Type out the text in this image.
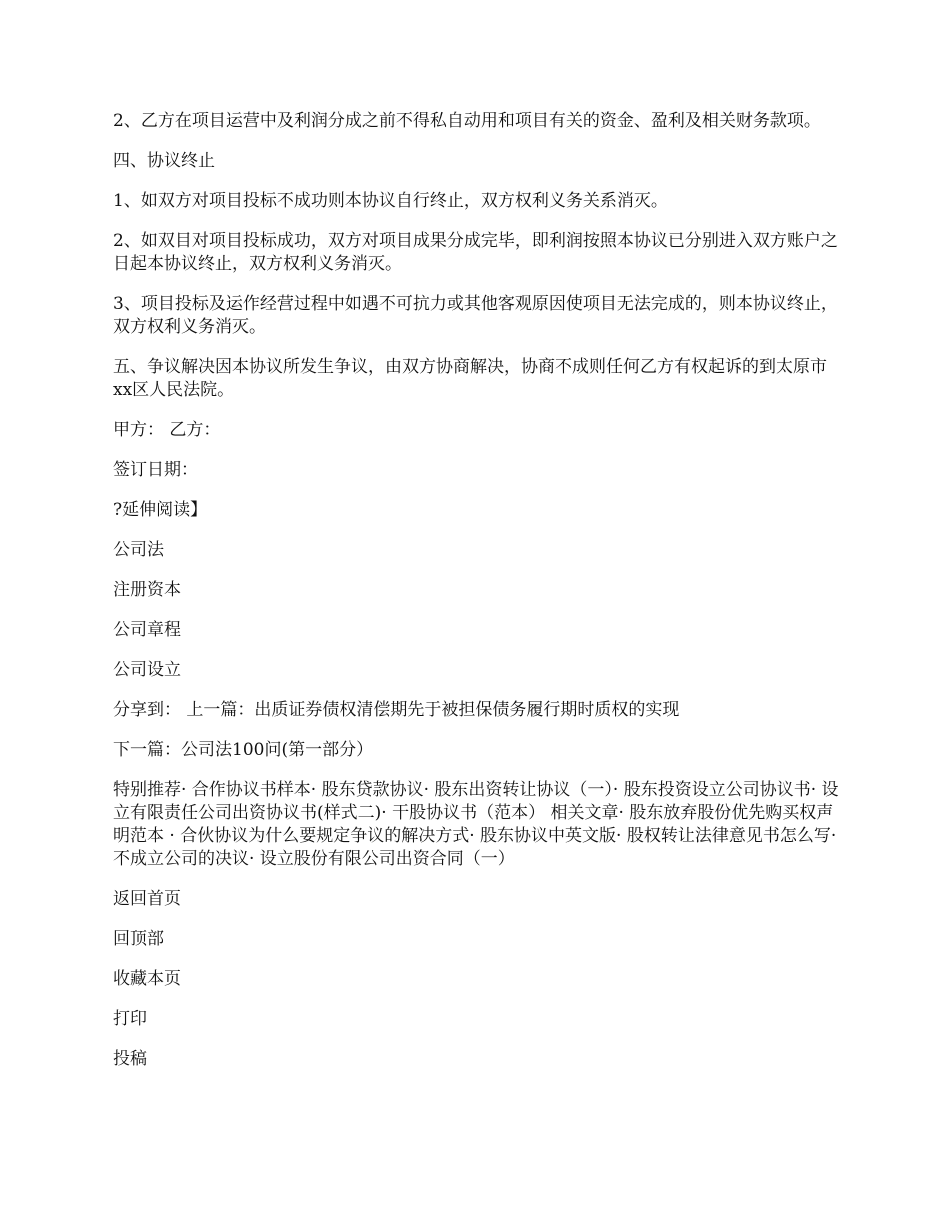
2、乙方在项目运营中及利润分成之前不得私自动用和项目有关的资金、盈利及相关财务款项。

四、协议终止

1、如双方对项目投标不成功则本协议自行终止，双方权利义务关系消灭。

2、如双目对项目投标成功，双方对项目成果分成完毕，即利润按照本协议已分别进入双方账户之日起本协议终止，双方权利义务消灭。

3、项目投标及运作经营过程中如遇不可抗力或其他客观原因使项目无法完成的，则本协议终止，双方权利义务消灭。

五、争议解决因本协议所发生争议，由双方协商解决，协商不成则任何乙方有权起诉的到太原市xx区人民法院。

甲方： 乙方：

签订日期：

?延伸阅读】

公司法

注册资本

公司章程

公司设立

分享到： 上一篇：出质证券债权清偿期先于被担保债务履行期时质权的实现

下一篇：公司法100问(第一部分）

特别推荐· 合作协议书样本· 股东贷款协议· 股东出资转让协议（一）· 股东投资设立公司协议书· 设立有限责任公司出资协议书(样式二)· 干股协议书（范本） 相关文章· 股东放弃股份优先购买权声明范本 · 合伙协议为什么要规定争议的解决方式· 股东协议中英文版· 股权转让法律意见书怎么写· 不成立公司的决议· 设立股份有限公司出资合同（一）

返回首页

回顶部

收藏本页

打印

投稿
